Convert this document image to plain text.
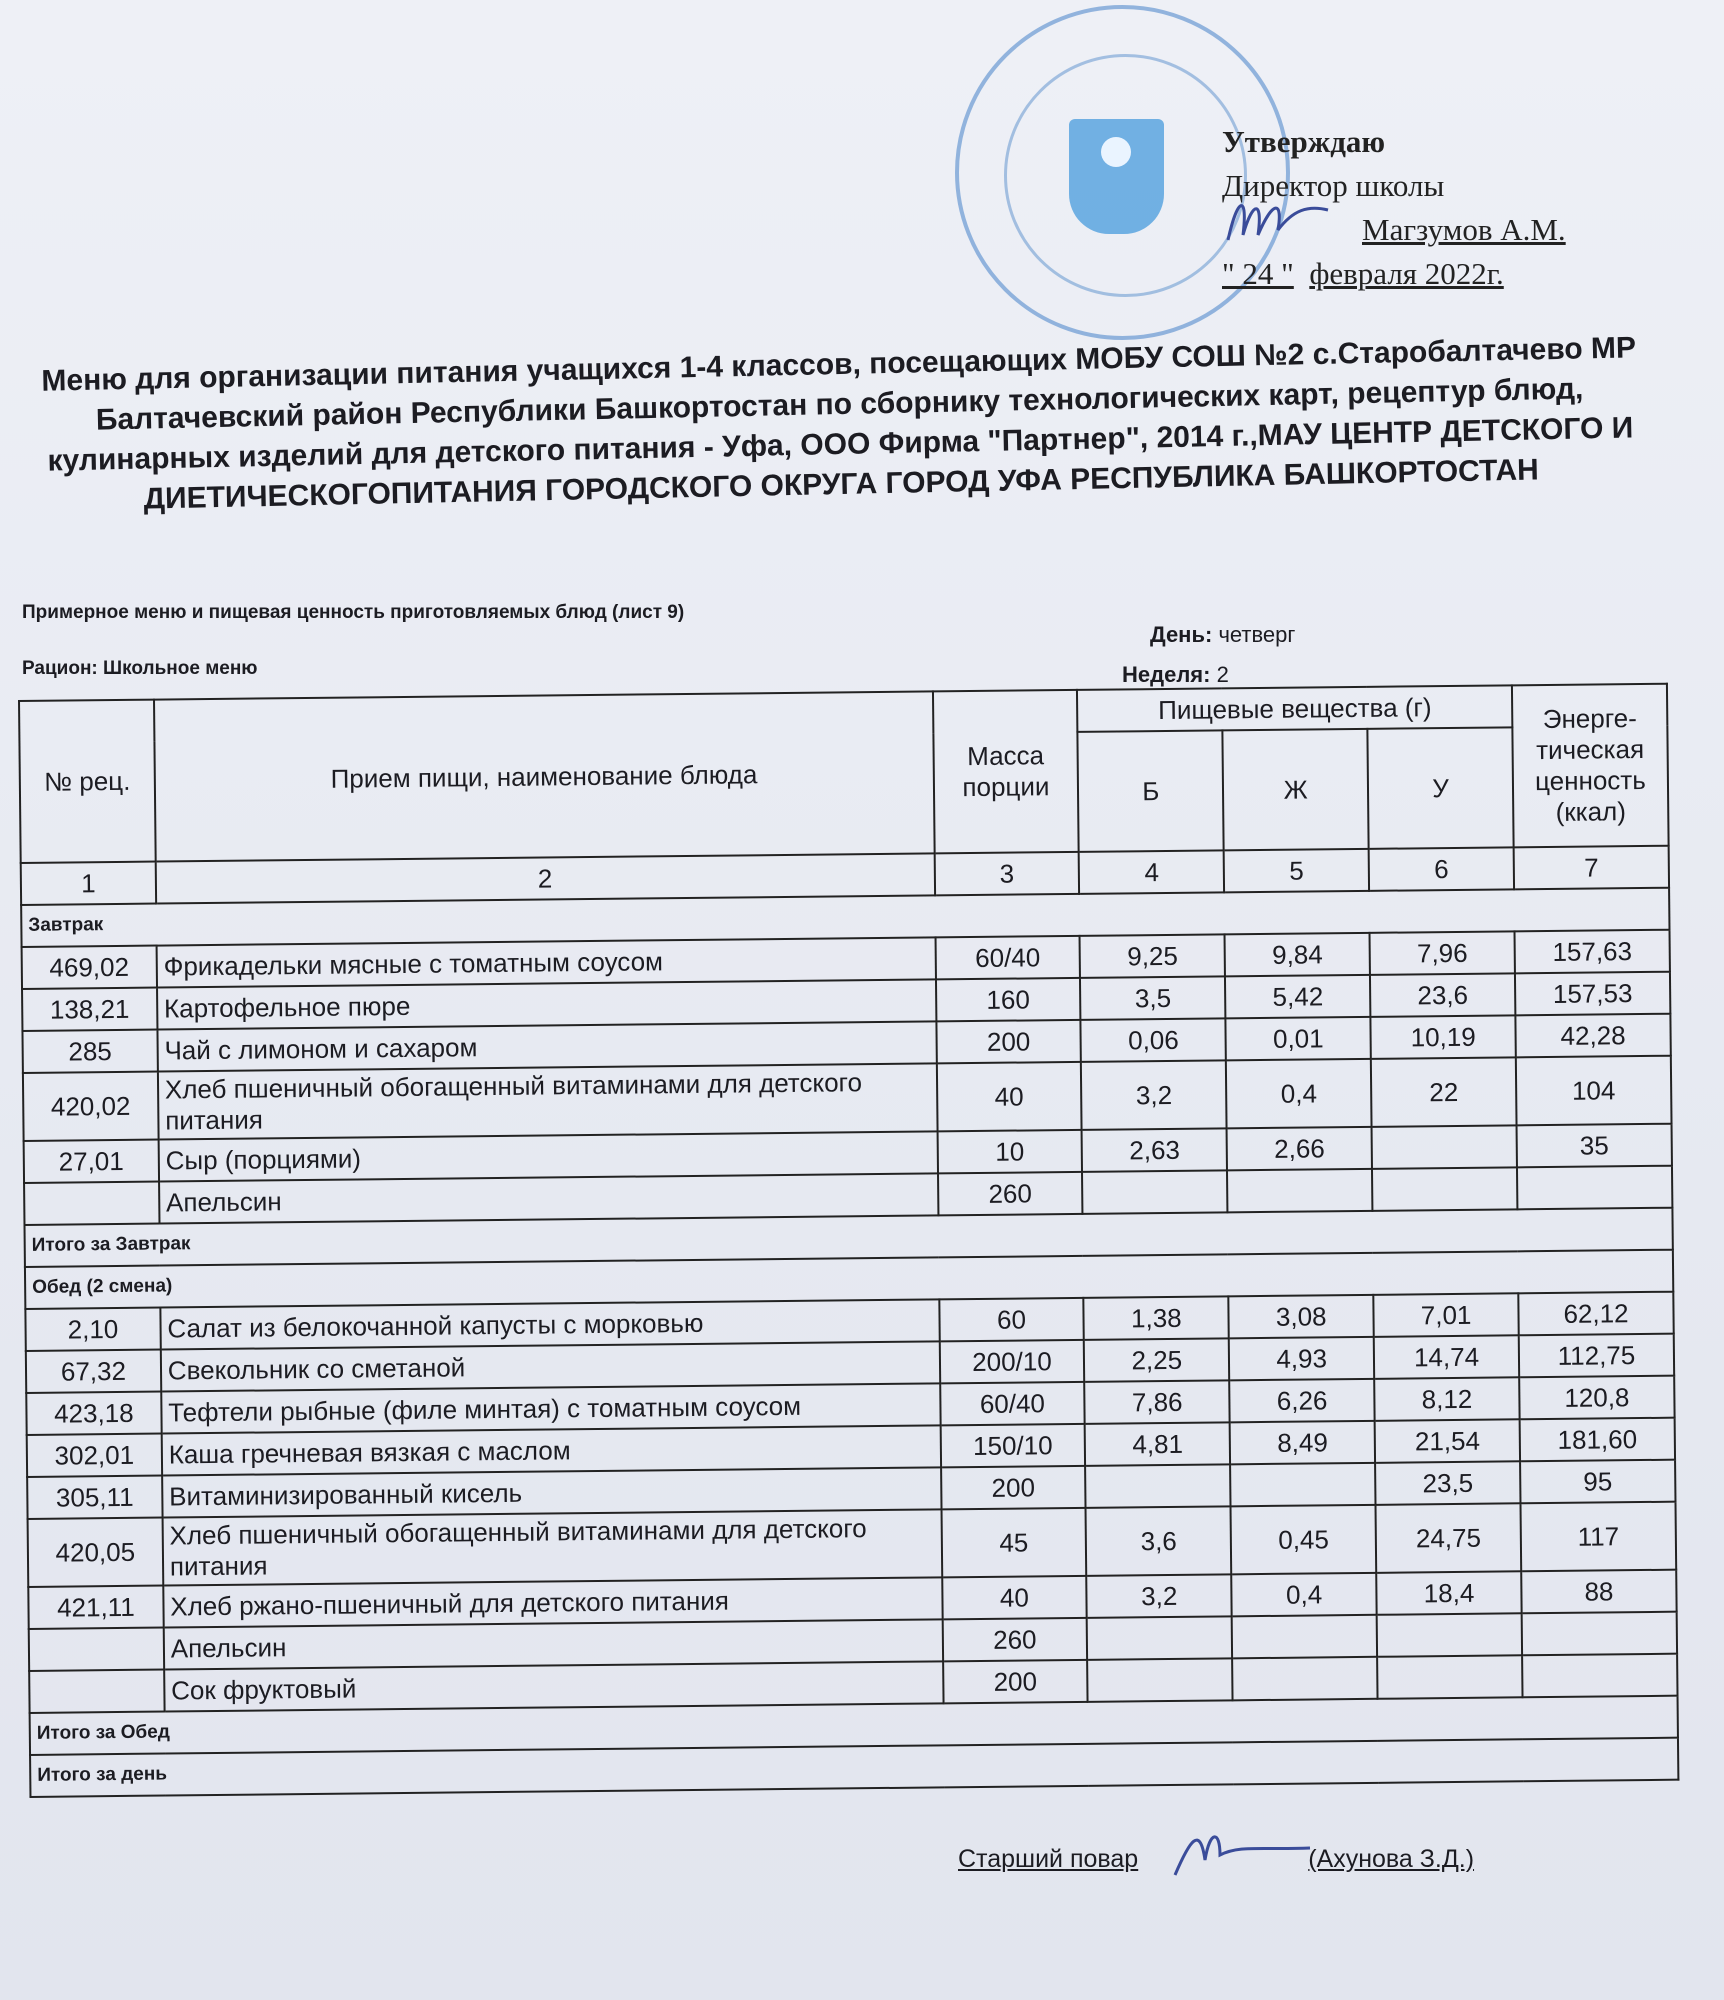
Утверждаю
Директор школы
Магзумов А.М.
" 24 " февраля 2022г.
Меню для организации питания учащихся 1-4 классов, посещающих МОБУ СОШ №2 с.Старобалтачево МР Балтачевский район Республики Башкортостан по сборнику технологических карт, рецептур блюд, кулинарных изделий для детского питания - Уфа, ООО Фирма "Партнер", 2014 г.,МАУ ЦЕНТР ДЕТСКОГО И ДИЕТИЧЕСКОГОПИТАНИЯ ГОРОДСКОГО ОКРУГА ГОРОД УФА РЕСПУБЛИКА БАШКОРТОСТАН
Примерное меню и пищевая ценность приготовляемых блюд (лист 9)
Рацион: Школьное меню
День: четверг
Неделя: 2
№ рец.	Прием пищи, наименование блюда	Масса порции	Пищевые вещества (г)			Энерге-тическая ценность (ккал)
			Б	Ж	У	
1	2	3	4	5	6	7
Завтрак						
469,02	Фрикадельки мясные с томатным соусом	60/40	9,25	9,84	7,96	157,63
138,21	Картофельное пюре	160	3,5	5,42	23,6	157,53
285	Чай с лимоном и сахаром	200	0,06	0,01	10,19	42,28
420,02	Хлеб пшеничный обогащенный витаминами для детского питания	40	3,2	0,4	22	104
27,01	Сыр (порциями)	10	2,63	2,66		35
	Апельсин	260				
Итого за Завтрак						
Обед (2 смена)						
2,10	Салат из белокочанной капусты с морковью	60	1,38	3,08	7,01	62,12
67,32	Свекольник со сметаной	200/10	2,25	4,93	14,74	112,75
423,18	Тефтели рыбные (филе минтая) с томатным соусом	60/40	7,86	6,26	8,12	120,8
302,01	Каша гречневая вязкая с маслом	150/10	4,81	8,49	21,54	181,60
305,11	Витаминизированный кисель	200			23,5	95
420,05	Хлеб пшеничный обогащенный витаминами для детского питания	45	3,6	0,45	24,75	117
421,11	Хлеб ржано-пшеничный для детского питания	40	3,2	0,4	18,4	88
	Апельсин	260				
	Сок фруктовый	200				
Итого за Обед						
Итого за день						
Старший повар	(Ахунова З.Д.)
